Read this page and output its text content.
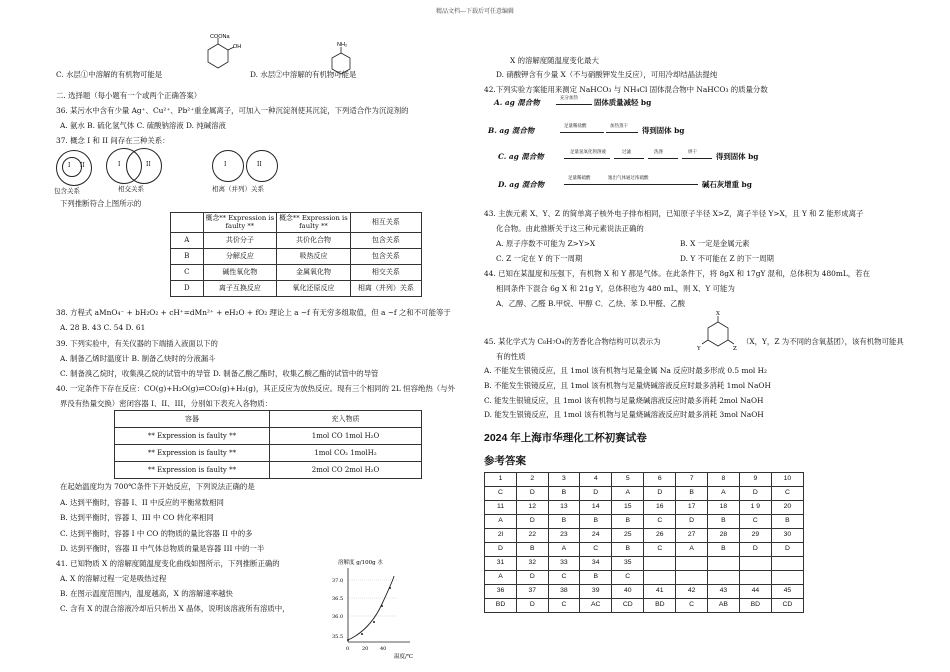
精品文档---下载后可任意编辑
C. 水层①中溶解的有机物可能是
COONa
OH
D. 水层②中溶解的有机物可能是
NH₂
二. 选择题（每小题有一个或两个正确答案）
36. 某污水中含有少量 Ag⁺、Cu²⁺、Pb²⁺重金属离子，可加入一种沉淀剂使其沉淀，下列适合作为沉淀剂的
A. 氨水 B. 硫化氢气体 C. 硫酸钠溶液 D. 纯碱溶液
37. 概念 I 和 II 间存在三种关系：
I II
包含关系
I	II
相交关系
I	II
相离（并列）关系
下列推断符合上图所示的
	概念** Expression is faulty **	概念** Expression is faulty **	相互关系
A	共价分子	共价化合物	包含关系
B	分解反应	吸热反应	包含关系
C	碱性氧化物	金属氧化物	相交关系
D	离子互换反应	氧化还原反应	相离（并列）关系
38. 方程式 aMnO₄⁻ + bH₂O₂ + cH⁺=dMn²⁺ + eH₂O + fO₂ 理论上 a ~f 有无穷多组取值，但 a ~f 之和不可能等于
A. 28 B. 43 C. 54 D. 61
39. 下列实验中，有关仪器的下端插入液面以下的
A. 制备乙烯时温度计 B. 制备乙炔时的分液漏斗
C. 制备溴乙烷时，收集溴乙烷的试管中的导管 D. 制备乙酸乙酯时，收集乙酸乙酯的试管中的导管
40. 一定条件下存在反应：CO(g)+H₂O(g)⇌CO₂(g)+H₂(g)，其正反应为放热反应。现有三个相同的 2L 恒容绝热（与外
界没有热量交换）密闭容器 I、II、III，分别如下表充入各物质：
容器	充入物质
** Expression is faulty **	1mol CO 1mol H₂O
** Expression is faulty **	1mol CO₂ 1molH₂
** Expression is faulty **	2mol CO 2mol H₂O
在起始温度均为 700℃条件下开始反应，下列说法正确的是
A. 达到平衡时，容器 I、II 中反应的平衡常数相同
B. 达到平衡时，容器 I、III 中 CO 转化率相同
C. 达到平衡时，容器 I 中 CO 的物质的量比容器 II 中的多
D. 达到平衡时，容器 II 中气体总物质的量是容器 III 中的一半
41. 已知物质 X 的溶解度随温度变化曲线如图所示，下列推断正确的
A. X 的溶解过程一定是吸热过程
B. 在图示温度范围内，温度越高，X 的溶解速率越快
C. 含有 X 的混合溶液冷却后只析出 X 晶体，说明该溶液所有溶质中，
溶解度 g/100g 水
37.0
36.5
36.0
35.5
0	20 40
温度/℃
X 的溶解度随温度变化最大
D. 硝酸钾含有少量 X（不与硝酸钾发生反应），可用冷却结晶法提纯
42.下列实验方案能用来测定 NaHCO₃ 与 NH₄Cl 固体混合物中 NaHCO₃ 的质量分数
A. ag 混合物	充分加热 固体质量减轻 bg
B. ag 混合物	足量稀盐酸	加热蒸干 得到固体 bg
C. ag 混合物	足量氢氧化钡溶液	过滤	洗涤	烘干	得到固体 bg
D. ag 混合物
足量稀硫酸	逸出气体通过浓硫酸
碱石灰增重 bg
43. 主族元素 X、Y、Z 的简单离子核外电子排布相同，已知原子半径 X>Z，离子半径 Y>X，且 Y 和 Z 能形成离子
化合物。由此推断关于这三种元素说法正确的
A. 原子序数不可能为 Z>Y>X	B. X 一定是金属元素
C. Z 一定在 Y 的下一周期	D. Y 不可能在 Z 的下一周期
44. 已知在某温度和压强下，有机物 X 和 Y 都是气体。在此条件下，将 8gX 和 17gY 混和，总体积为 480mL，若在
相同条件下混合 6g X 和 21g Y，总体积也为 480 mL，则 X、Y 可能为
A．乙醇、乙醛 B.甲烷、甲醇 C．乙炔、苯 D.甲醛、乙酸
45. 某化学式为 C₈H₇O₄的芳香化合物结构可以表示为
X
Y	Z
（X，Y，Z 为不同的含氧基团），该有机物可能具
有的性质
A. 不能发生银镜反应，且 1mol 该有机物与足量金属 Na 反应时最多形成 0.5 mol H₂
B. 不能发生银镜反应，且 1mol 该有机物与足量烧碱溶液反应时最多消耗 1mol NaOH
C. 能发生银镜反应，且 1mol 该有机物与足量烧碱溶液反应时最多消耗 2mol NaOH
D. 能发生银镜反应，且 1mol 该有机物与足量烧碱溶液反应时最多消耗 3mol NaOH
2024 年上海市华理化工杯初赛试卷
参考答案
1	2	3	4	5	6	7	8	9	10
C	D	B	D	A	D	B	A	D	C
11	12	13	14	15	16	17	18	1 9	20
A	D	B	B	B	C	D	B	C	B
2l	22	23	24	25	26	27	28	29	30
D	B	A	C	B	C	A	B	D	D
31	32	33	34	35					
A	D	C	B	C					
36	37	38	39	40	41	42	43	44	45
BD	D	C	AC	CD	BD	C	AB	BD	CD
